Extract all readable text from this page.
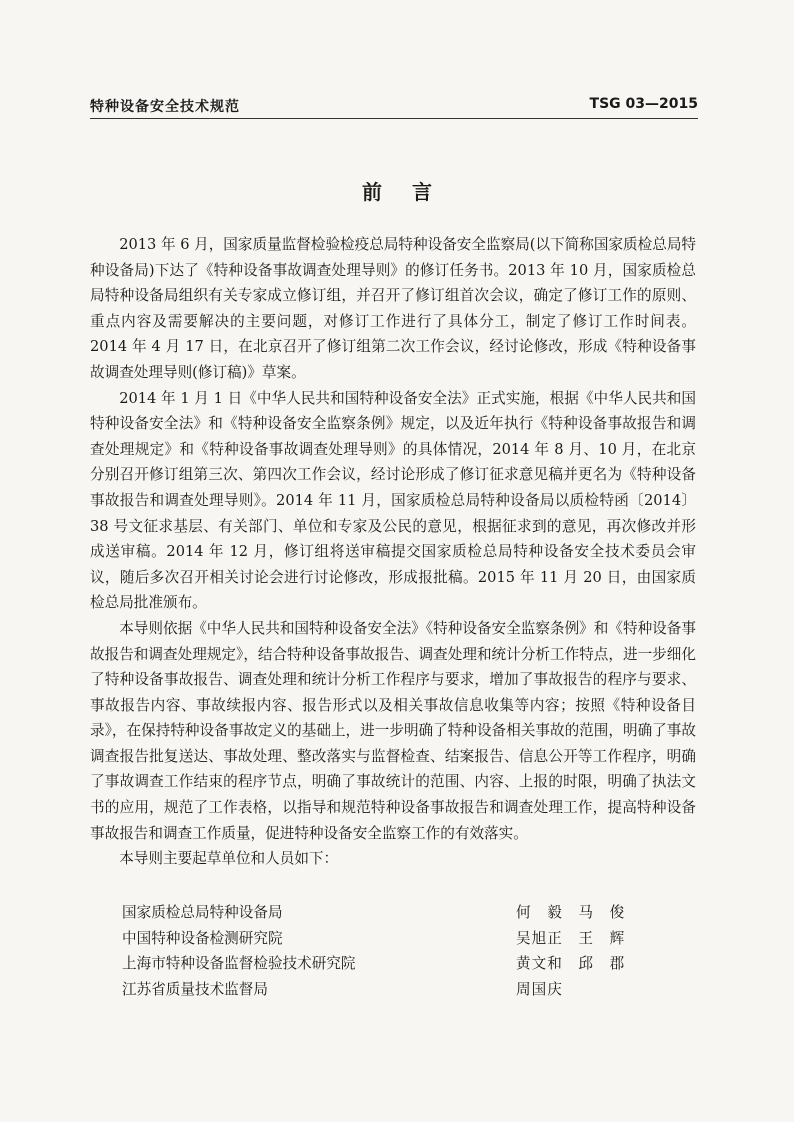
特种设备安全技术规范	TSG 03—2015
前言

2013 年 6 月，国家质量监督检验检疫总局特种设备安全监察局(以下简称国家质检总局特种设备局)下达了《特种设备事故调查处理导则》的修订任务书。2013 年 10 月，国家质检总局特种设备局组织有关专家成立修订组，并召开了修订组首次会议，确定了修订工作的原则、重点内容及需要解决的主要问题，对修订工作进行了具体分工，制定了修订工作时间表。2014 年 4 月 17 日，在北京召开了修订组第二次工作会议，经讨论修改，形成《特种设备事故调查处理导则(修订稿)》草案。

2014 年 1 月 1 日《中华人民共和国特种设备安全法》正式实施，根据《中华人民共和国特种设备安全法》和《特种设备安全监察条例》规定，以及近年执行《特种设备事故报告和调查处理规定》和《特种设备事故调查处理导则》的具体情况，2014 年 8 月、10 月，在北京分别召开修订组第三次、第四次工作会议，经讨论形成了修订征求意见稿并更名为《特种设备事故报告和调查处理导则》。2014 年 11 月，国家质检总局特种设备局以质检特函〔2014〕38 号文征求基层、有关部门、单位和专家及公民的意见，根据征求到的意见，再次修改并形成送审稿。2014 年 12 月，修订组将送审稿提交国家质检总局特种设备安全技术委员会审议，随后多次召开相关讨论会进行讨论修改，形成报批稿。2015 年 11 月 20 日，由国家质检总局批准颁布。

本导则依据《中华人民共和国特种设备安全法》《特种设备安全监察条例》和《特种设备事故报告和调查处理规定》，结合特种设备事故报告、调查处理和统计分析工作特点，进一步细化了特种设备事故报告、调查处理和统计分析工作程序与要求，增加了事故报告的程序与要求、事故报告内容、事故续报内容、报告形式以及相关事故信息收集等内容；按照《特种设备目录》，在保持特种设备事故定义的基础上，进一步明确了特种设备相关事故的范围，明确了事故调查报告批复送达、事故处理、整改落实与监督检查、结案报告、信息公开等工作程序，明确了事故调查工作结束的程序节点，明确了事故统计的范围、内容、上报的时限，明确了执法文书的应用，规范了工作表格，以指导和规范特种设备事故报告和调查处理工作，提高特种设备事故报告和调查工作质量，促进特种设备安全监察工作的有效落实。

本导则主要起草单位和人员如下：

国家质检总局特种设备局	何　毅　马　俊
中国特种设备检测研究院	吴旭正　王　辉
上海市特种设备监督检验技术研究院	黄文和　邱　郡
江苏省质量技术监督局	周国庆
